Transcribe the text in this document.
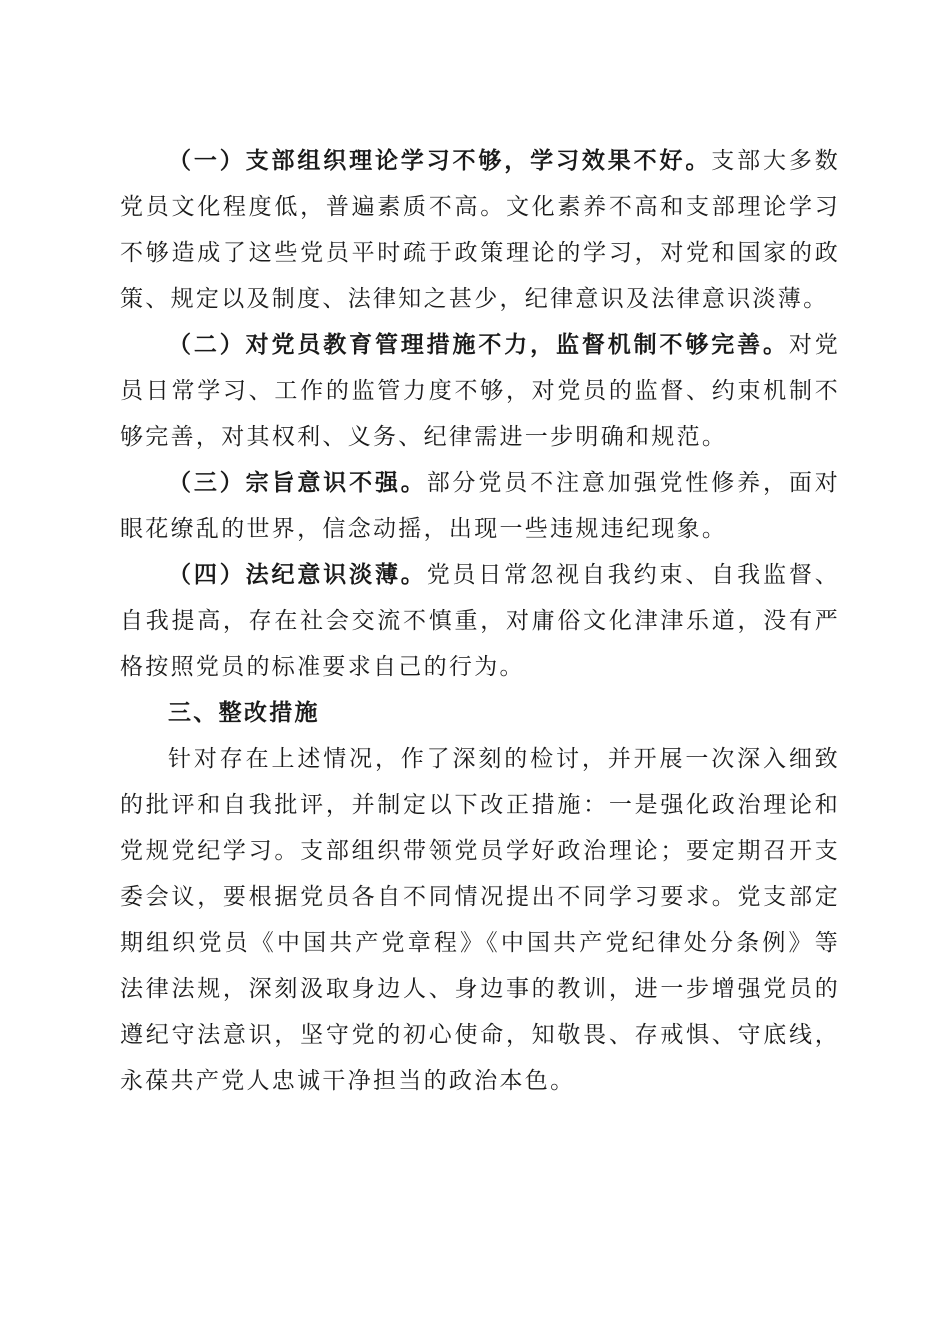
（一）支部组织理论学习不够，学习效果不好。支部大多数党员文化程度低，普遍素质不高。文化素养不高和支部理论学习不够造成了这些党员平时疏于政策理论的学习，对党和国家的政策、规定以及制度、法律知之甚少，纪律意识及法律意识淡薄。

（二）对党员教育管理措施不力，监督机制不够完善。对党员日常学习、工作的监管力度不够，对党员的监督、约束机制不够完善，对其权利、义务、纪律需进一步明确和规范。

（三）宗旨意识不强。部分党员不注意加强党性修养，面对眼花缭乱的世界，信念动摇，出现一些违规违纪现象。

（四）法纪意识淡薄。党员日常忽视自我约束、自我监督、自我提高，存在社会交流不慎重，对庸俗文化津津乐道，没有严格按照党员的标准要求自己的行为。

三、整改措施

针对存在上述情况，作了深刻的检讨，并开展一次深入细致的批评和自我批评，并制定以下改正措施：一是强化政治理论和党规党纪学习。支部组织带领党员学好政治理论；要定期召开支委会议，要根据党员各自不同情况提出不同学习要求。党支部定期组织党员《中国共产党章程》《中国共产党纪律处分条例》等法律法规，深刻汲取身边人、身边事的教训，进一步增强党员的遵纪守法意识，坚守党的初心使命，知敬畏、存戒惧、守底线，永葆共产党人忠诚干净担当的政治本色。
